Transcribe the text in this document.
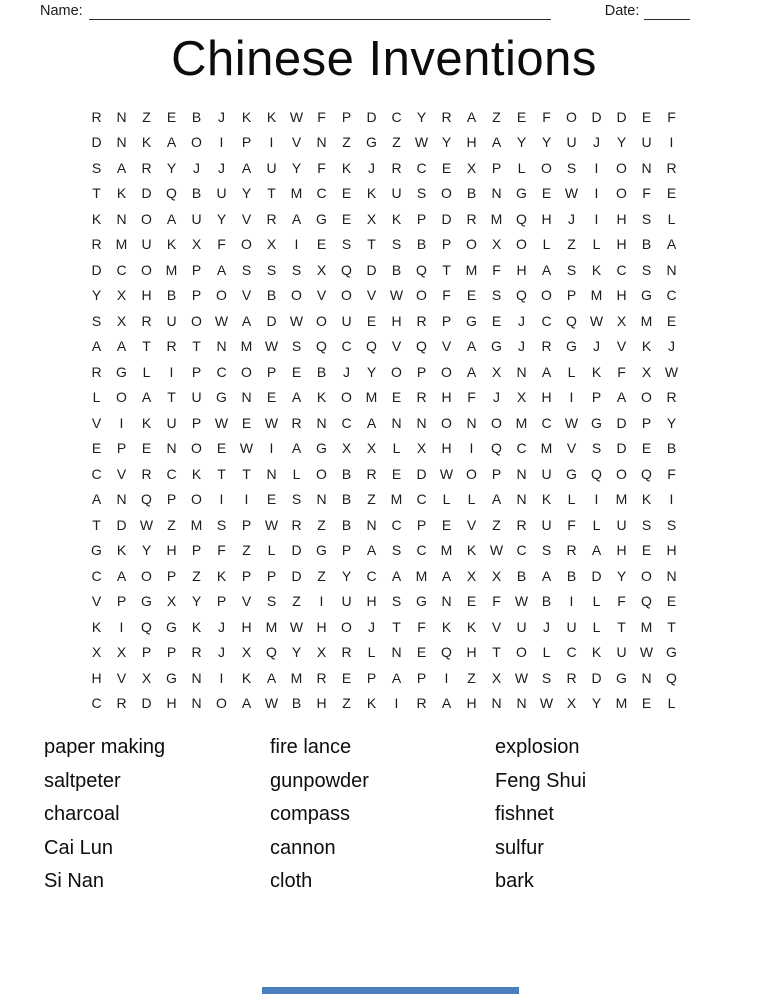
Name:	Date:
Chinese Inventions
R	N	Z	E	B	J	K	K W	F	P	D	C	Y	R	A	Z	E	F	O	D	D	E	F
D	N	K	A	O	I	P	I	V	N	Z	G	Z	W Y	H	A	Y	Y	U	J	Y	U	I
S	A	R	Y	J	J	A	U	Y	F	K	J	R	C	E	X	P	L	O	S	I	O	N	R
T	K	D	Q	B	U	Y	T	M	C	E	K	U	S	O	B	N	G	E W	I	O	F	E
K	N	O	A	U	Y	V	R	A	G	E	X	K	P	D	R	M Q	H	J	I	H	S	L
R	M	U	K	X	F	O	X	I	E	S	T	S	B	P	O	X	O	L	Z	L	H	B	A
D	C	O M	P	A	S	S	S	X	Q	D	B	Q	T	M	F	H	A	S	K	C	S	N
Y	X	H	B	P	O	V	B	O	V	O	V W O	F	E	S	Q	O	P	M	H	G	C
S	X	R	U	O W A	D W O	U	E	H	R	P	G	E	J	C	Q W X	M	E
A	A	T	R	T	N	M W S	Q	C	Q	V	Q	V	A	G	J	R	G	J	V	K	J
R	G	L	I	P	C	O	P	E	B	J	Y	O	P	O	A	X	N	A	L	K	F	X W
L	O	A	T	U	G	N	E	A	K	O M	E	R	H	F	J	X	H	I	P	A	O	R
V	I	K	U	P W E W R	N	C	A	N	N	O	N	O M	C W G	D	P	Y
E	P	E	N	O	E W	I	A	G	X	X	L	X	H	I	Q	C	M	V	S	D	E	B
C	V	R	C	K	T	T	N	L	O	B	R	E	D W O	P	N	U	G	Q	O	Q	F
A	N	Q	P	O	I	I	E	S	N	B	Z	M	C	L	L	A	N	K	L	I	M	K	I
T	D W	Z	M	S	P W R	Z	B	N	C	P	E	V	Z	R	U	F	L	U	S	S
G	K	Y	H	P	F	Z	L	D	G	P	A	S	C	M	K W C	S	R	A	H	E	H
C	A	O	P	Z	K	P	P	D	Z	Y	C	A	M	A	X	X	B	A	B	D	Y	O	N
V	P	G	X	Y	P	V	S	Z	I	U	H	S	G	N	E	F	W B	I	L	F	Q	E
K	I	Q	G	K	J	H	M W H	O	J	T	F	K	K	V	U	J	U	L	T	M	T
X	X	P	P	R	J	X	Q	Y	X	R	L	N	E	Q	H	T	O	L	C	K	U W G
H	V	X	G	N	I	K	A	M	R	E	P	A	P	I	Z	X W S	R	D	G	N	Q
C	R	D	H	N	O	A W B	H	Z	K	I	R	A	H	N	N W X	Y	M	E	L
paper making
saltpeter
charcoal
Cai Lun
Si Nan
fire lance
gunpowder
compass
cannon
cloth
explosion
Feng Shui
fishnet
sulfur
bark
